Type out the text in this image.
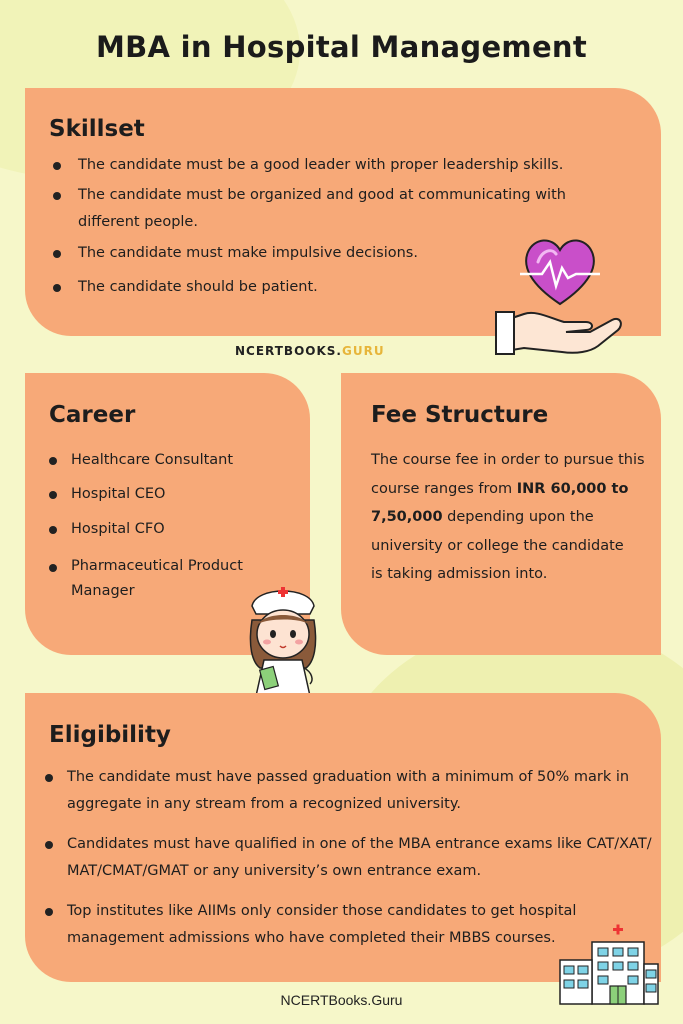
MBA in Hospital Management
Skillset
The candidate must be a good leader with proper leadership skills.
The candidate must be organized and good at communicating with
different people.
The candidate must make impulsive decisions.
The candidate should be patient.
NCERTBOOKS.GURU
Career
Healthcare Consultant
Hospital CEO
Hospital CFO
Pharmaceutical Product
Manager
Fee Structure
The course fee in order to pursue this
course ranges from INR 60,000 to
7,50,000 depending upon the
university or college the candidate
is taking admission into.
Eligibility
The candidate must have passed graduation with a minimum of 50% mark in
aggregate in any stream from a recognized university.
Candidates must have qualified in one of the MBA entrance exams like CAT/XAT/
MAT/CMAT/GMAT or any university’s own entrance exam.
Top institutes like AIIMs only consider those candidates to get hospital
management admissions who have completed their MBBS courses.
NCERTBooks.Guru
